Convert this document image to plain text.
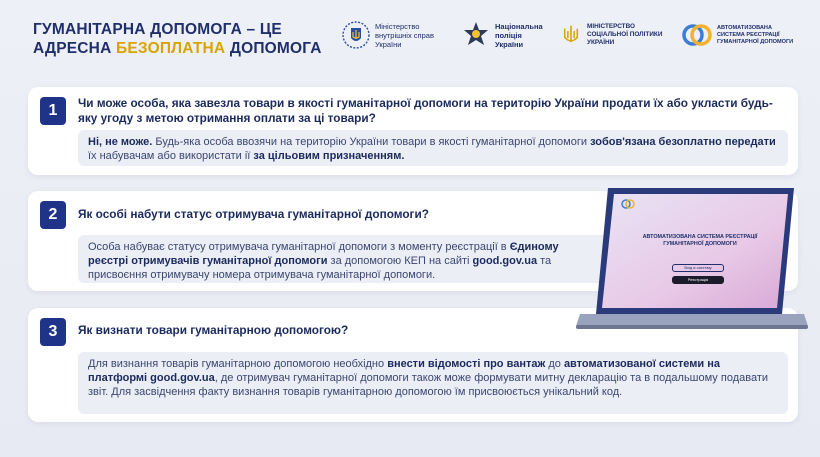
ГУМАНІТАРНА ДОПОМОГА – ЦЕ
АДРЕСНА БЕЗОПЛАТНА ДОПОМОГА
Міністерство
внутрішніх справ
України
Національна
поліція
України
МІНІСТЕРСТВО
СОЦІАЛЬНОЇ ПОЛІТИКИ
УКРАЇНИ
АВТОМАТИЗОВАНА
СИСТЕМА РЕЄСТРАЦІЇ
ГУМАНІТАРНОЇ ДОПОМОГИ
1	Чи може особа, яка завезла товари в якості гуманітарної допомоги на територію України продати їх або укласти будь-яку угоду з метою отримання оплати за ці товари?
Ні, не може. Будь-яка особа ввозячи на територію України товари в якості гуманітарної допомоги зобов'язана безоплатно передати їх набувачам або використати ії за цільовим призначенням.
2	Як особі набути статус отримувача гуманітарної допомоги?
Особа набуває статусу отримувача гуманітарної допомоги з моменту реєстрації в Єдиному реєстрі отримувачів гуманітарної допомоги за допомогою КЕП на сайті good.gov.ua та присвоєння отримувачу номера отримувача гуманітарної допомоги.
3	Як визнати товари гуманітарною допомогою?
Для визнання товарів гуманітарною допомогою необхідно внести відомості про вантаж до автоматизованої системи на платформі good.gov.ua, де отримувач гуманітарної допомоги також може формувати митну декларацію та в подальшому подавати звіт. Для засвідчення факту визнання товарів гуманітарною допомогою їм присвоюється унікальний код.
АВТОМАТИЗОВАНА СИСТЕМА РЕЄСТРАЦІЇ
ГУМАНІТАРНОЇ ДОПОМОГИ
Вхід в систему
Реєстрація
